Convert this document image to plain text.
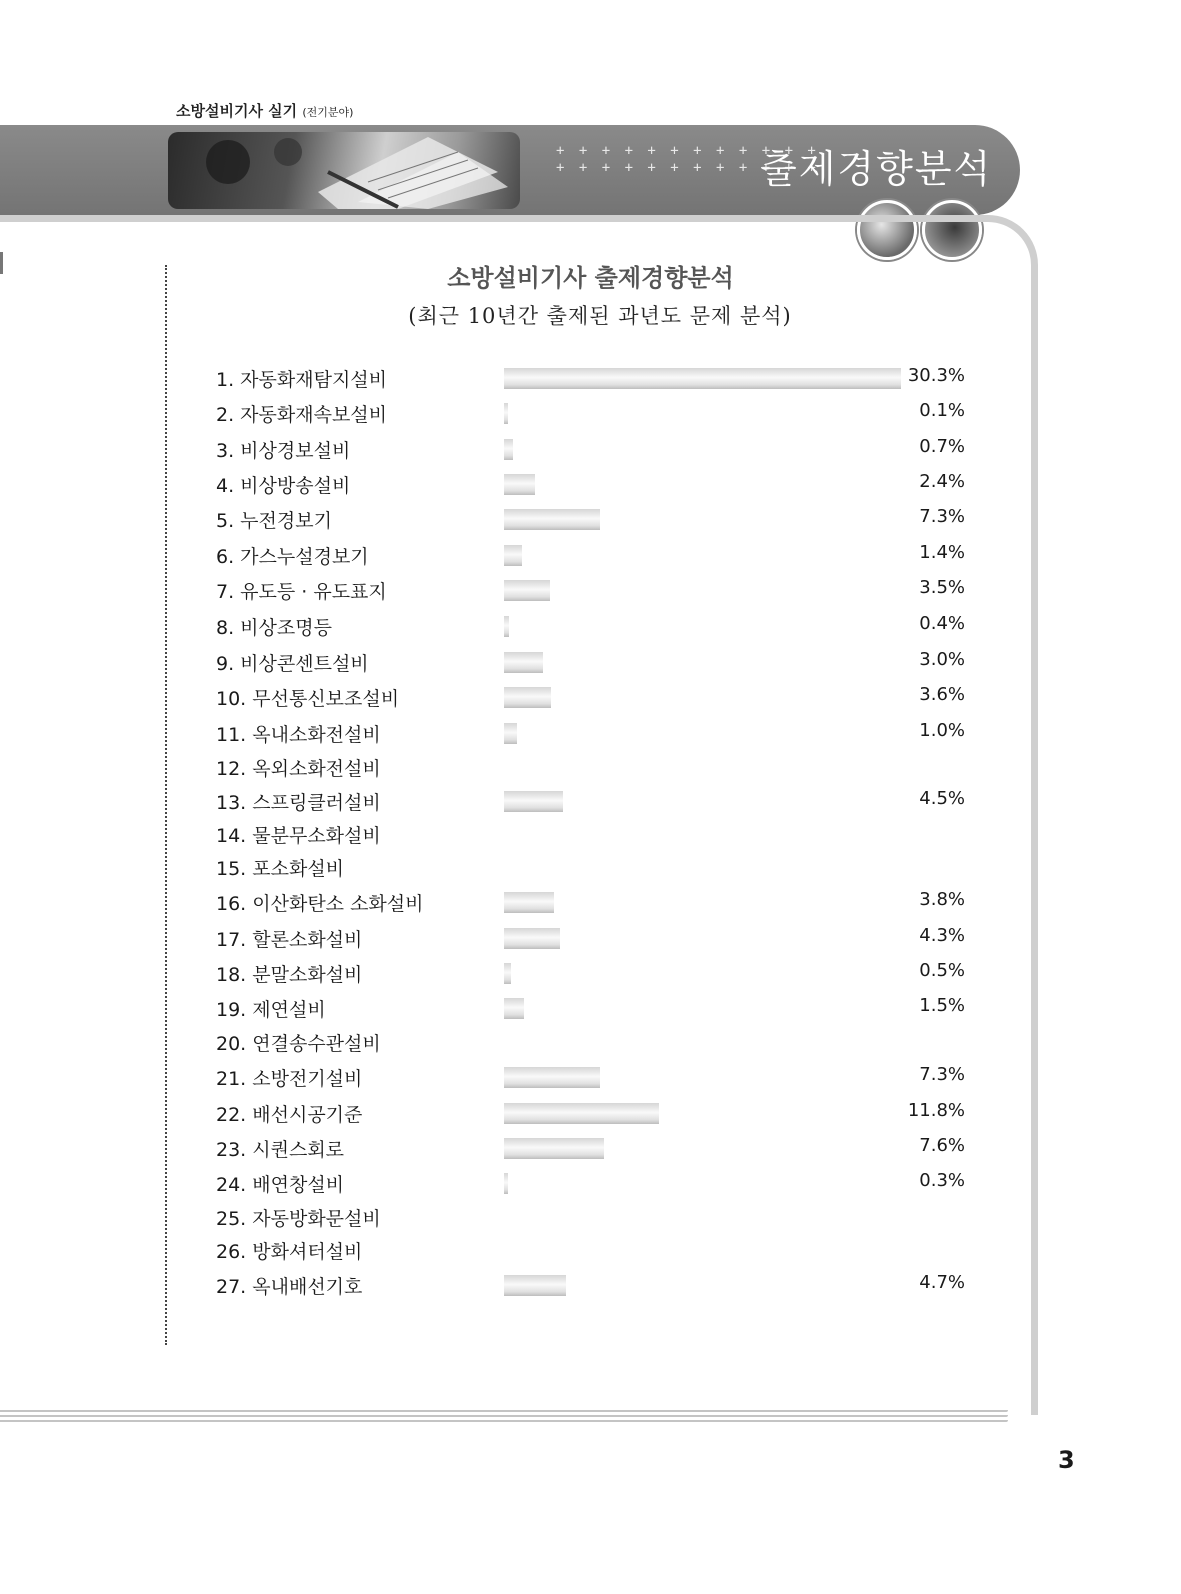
소방설비기사 실기 (전기분야)
+ + + + + + + + + + + +
+ + + + + + + + + + + +
출제경향분석
소방설비기사 출제경향분석
(최근 10년간 출제된 과년도 문제 분석)
1. 자동화재탐지설비	30.3%
2. 자동화재속보설비	0.1%
3. 비상경보설비	0.7%
4. 비상방송설비	2.4%
5. 누전경보기	7.3%
6. 가스누설경보기	1.4%
7. 유도등 · 유도표지	3.5%
8. 비상조명등	0.4%
9. 비상콘센트설비	3.0%
10. 무선통신보조설비	3.6%
11. 옥내소화전설비	1.0%
12. 옥외소화전설비
13. 스프링클러설비	4.5%
14. 물분무소화설비
15. 포소화설비
16. 이산화탄소 소화설비	3.8%
17. 할론소화설비	4.3%
18. 분말소화설비	0.5%
19. 제연설비	1.5%
20. 연결송수관설비
21. 소방전기설비	7.3%
22. 배선시공기준	11.8%
23. 시퀀스회로	7.6%
24. 배연창설비	0.3%
25. 자동방화문설비
26. 방화셔터설비
27. 옥내배선기호	4.7%
3
